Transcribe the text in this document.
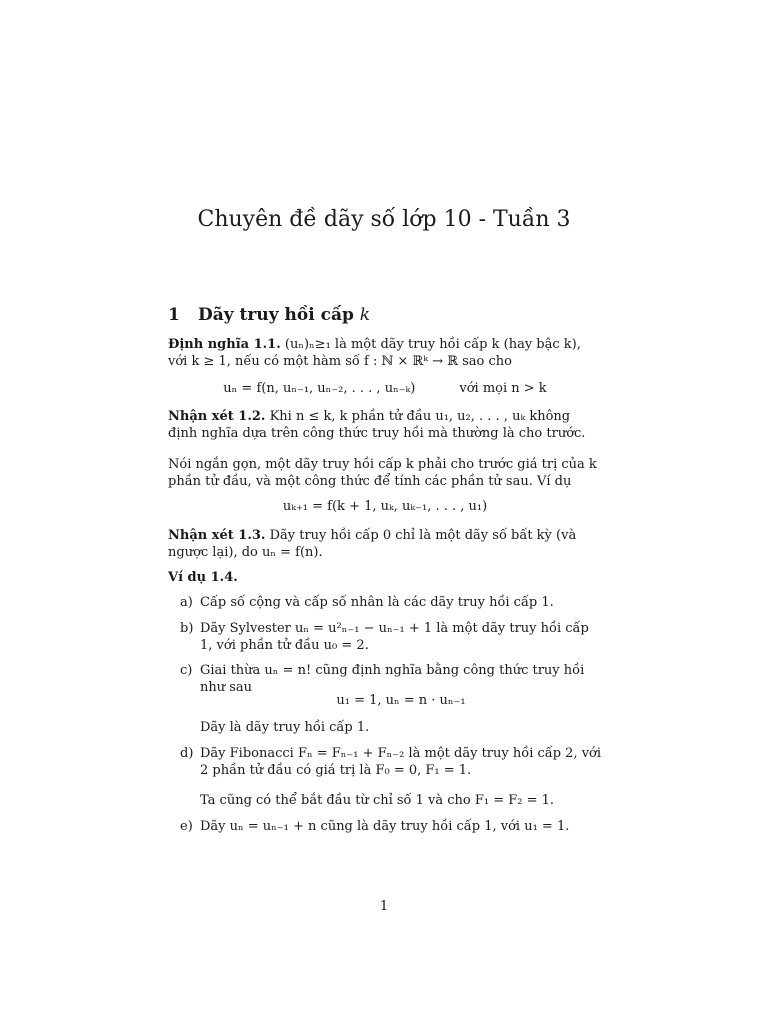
Chuyên đề dãy số lớp 10 - Tuần 3
1 Dãy truy hồi cấp k
Định nghĩa 1.1. (uₙ)ₙ≥₁ là một dãy truy hồi cấp k (hay bậc k), với k ≥ 1, nếu có một hàm số f : ℕ × ℝᵏ → ℝ sao cho
uₙ = f(n, uₙ₋₁, uₙ₋₂, . . . , uₙ₋ₖ)	với mọi n > k
Nhận xét 1.2. Khi n ≤ k, k phần tử đầu u₁, u₂, . . . , uₖ không định nghĩa dựa trên công thức truy hồi mà thường là cho trước.
Nói ngắn gọn, một dãy truy hồi cấp k phải cho trước giá trị của k phần tử đầu, và một công thức để tính các phần tử sau. Ví dụ
uₖ₊₁ = f(k + 1, uₖ, uₖ₋₁, . . . , u₁)
Nhận xét 1.3. Dãy truy hồi cấp 0 chỉ là một dãy số bất kỳ (và ngược lại), do uₙ = f(n).
Ví dụ 1.4.
a) Cấp số cộng và cấp số nhân là các dãy truy hồi cấp 1.
b) Dãy Sylvester uₙ = u²ₙ₋₁ − uₙ₋₁ + 1 là một dãy truy hồi cấp 1, với phần tử đầu u₀ = 2.
c) Giai thừa uₙ = n! cũng định nghĩa bằng công thức truy hồi như sau
u₁ = 1, uₙ = n · uₙ₋₁
Dãy là dãy truy hồi cấp 1.
d) Dãy Fibonacci Fₙ = Fₙ₋₁ + Fₙ₋₂ là một dãy truy hồi cấp 2, với 2 phần tử đầu có giá trị là F₀ = 0, F₁ = 1.
Ta cũng có thể bắt đầu từ chỉ số 1 và cho F₁ = F₂ = 1.
e) Dãy uₙ = uₙ₋₁ + n cũng là dãy truy hồi cấp 1, với u₁ = 1.
1
